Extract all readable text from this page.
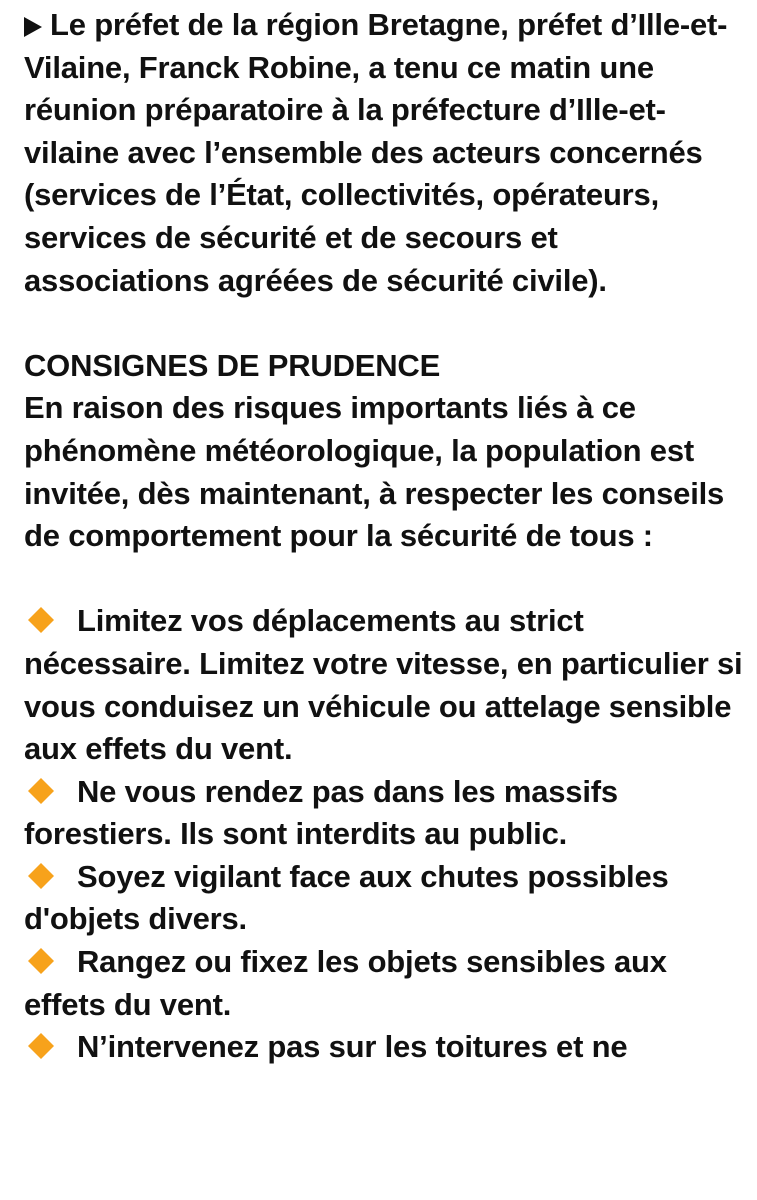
Le préfet de la région Bretagne, préfet d’Ille-et-Vilaine, Franck Robine, a tenu ce matin une réunion préparatoire à la préfecture d’Ille-et-vilaine avec l’ensemble des acteurs concernés (services de l’État, collectivités, opérateurs, services de sécurité et de secours et associations agréées de sécurité civile).

CONSIGNES DE PRUDENCE

En raison des risques importants liés à ce phénomène météorologique, la population est invitée, dès maintenant, à respecter les conseils de comportement pour la sécurité de tous :

Limitez vos déplacements au strict nécessaire. Limitez votre vitesse, en particulier si vous conduisez un véhicule ou attelage sensible aux effets du vent.

Ne vous rendez pas dans les massifs forestiers. Ils sont interdits au public.

Soyez vigilant face aux chutes possibles d'objets divers.

Rangez ou fixez les objets sensibles aux effets du vent.

N’intervenez pas sur les toitures et ne
